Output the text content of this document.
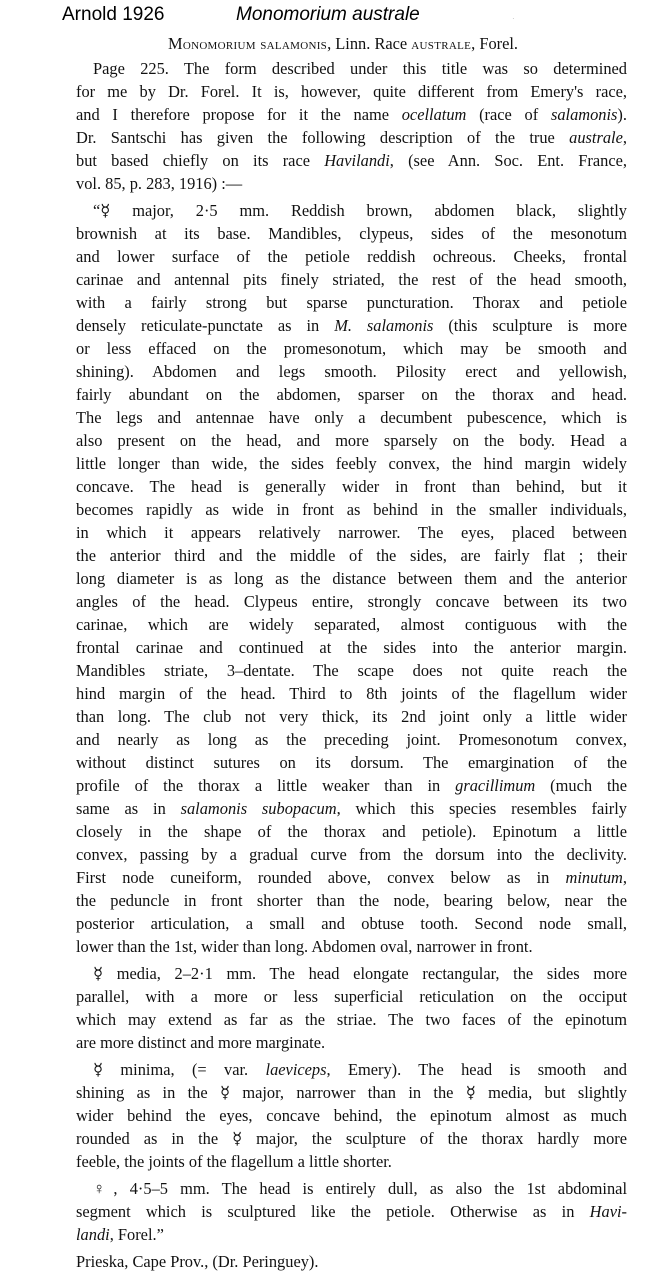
Arnold 1926	Monomorium australe	·
Monomorium salamonis, Linn. Race australe, Forel.

Page 225. The form described under this title was so determined
for me by Dr. Forel. It is, however, quite different from Emery's race,
and I therefore propose for it the name ocellatum (race of salamonis).
Dr. Santschi has given the following description of the true australe,
but based chiefly on its race Havilandi, (see Ann. Soc. Ent. France,
vol. 85, p. 283, 1916) :—

“☿ major, 2·5 mm. Reddish brown, abdomen black, slightly
brownish at its base. Mandibles, clypeus, sides of the mesonotum
and lower surface of the petiole reddish ochreous. Cheeks, frontal
carinae and antennal pits finely striated, the rest of the head smooth,
with a fairly strong but sparse puncturation. Thorax and petiole
densely reticulate-punctate as in M. salamonis (this sculpture is more
or less effaced on the promesonotum, which may be smooth and
shining). Abdomen and legs smooth. Pilosity erect and yellowish,
fairly abundant on the abdomen, sparser on the thorax and head.
The legs and antennae have only a decumbent pubescence, which is
also present on the head, and more sparsely on the body. Head a
little longer than wide, the sides feebly convex, the hind margin widely
concave. The head is generally wider in front than behind, but it
becomes rapidly as wide in front as behind in the smaller individuals,
in which it appears relatively narrower. The eyes, placed between
the anterior third and the middle of the sides, are fairly flat ; their
long diameter is as long as the distance between them and the anterior
angles of the head. Clypeus entire, strongly concave between its two
carinae, which are widely separated, almost contiguous with the
frontal carinae and continued at the sides into the anterior margin.
Mandibles striate, 3–dentate. The scape does not quite reach the
hind margin of the head. Third to 8th joints of the flagellum wider
than long. The club not very thick, its 2nd joint only a little wider
and nearly as long as the preceding joint. Promesonotum convex,
without distinct sutures on its dorsum. The emargination of the
profile of the thorax a little weaker than in gracillimum (much the
same as in salamonis subopacum, which this species resembles fairly
closely in the shape of the thorax and petiole). Epinotum a little
convex, passing by a gradual curve from the dorsum into the declivity.
First node cuneiform, rounded above, convex below as in minutum,
the peduncle in front shorter than the node, bearing below, near the
posterior articulation, a small and obtuse tooth. Second node small,
lower than the 1st, wider than long. Abdomen oval, narrower in front.

☿ media, 2–2·1 mm. The head elongate rectangular, the sides more
parallel, with a more or less superficial reticulation on the occiput
which may extend as far as the striae. The two faces of the epinotum
are more distinct and more marginate.

☿ minima, (= var. laeviceps, Emery). The head is smooth and
shining as in the ☿ major, narrower than in the ☿ media, but slightly
wider behind the eyes, concave behind, the epinotum almost as much
rounded as in the ☿ major, the sculpture of the thorax hardly more
feeble, the joints of the flagellum a little shorter.

♀, 4·5–5 mm. The head is entirely dull, as also the 1st abdominal
segment which is sculptured like the petiole. Otherwise as in Havi-
landi, Forel.”

Prieska, Cape Prov., (Dr. Peringuey).
